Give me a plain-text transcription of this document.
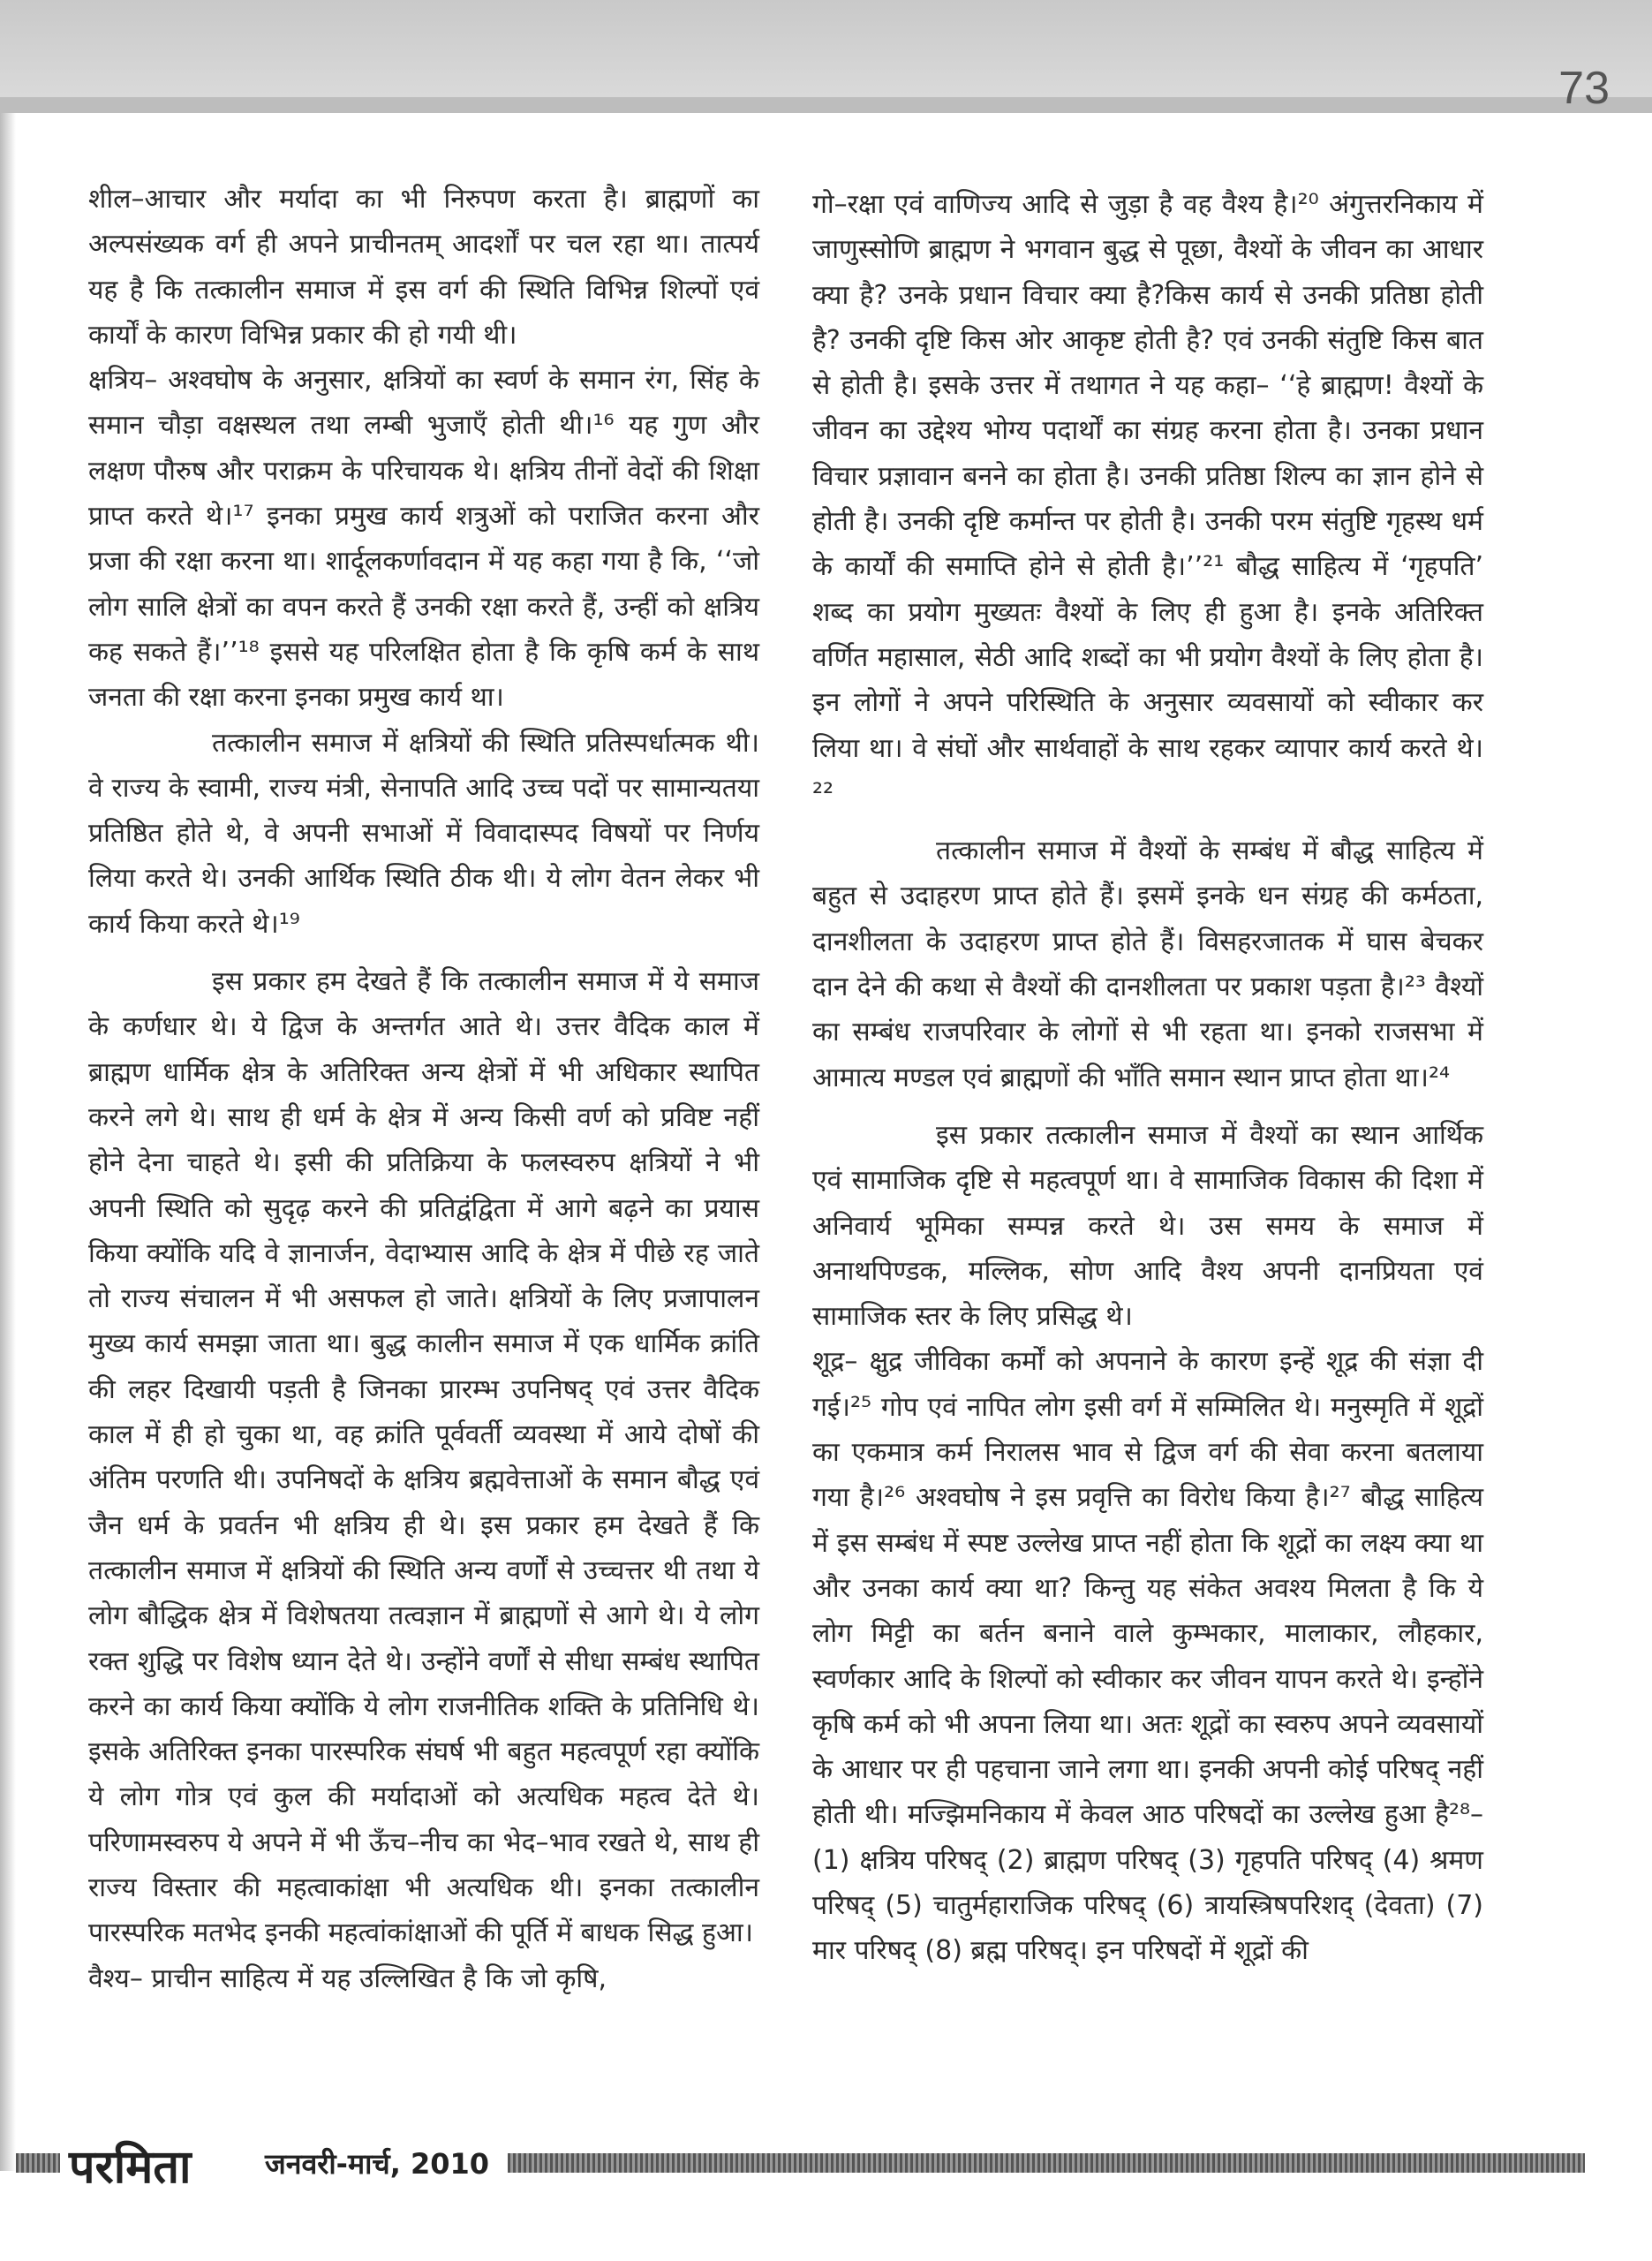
73

शील–आचार और मर्यादा का भी निरुपण करता है। ब्राह्मणों का अल्पसंख्यक वर्ग ही अपने प्राचीनतम् आदर्शों पर चल रहा था। तात्पर्य यह है कि तत्कालीन समाज में इस वर्ग की स्थिति विभिन्न शिल्पों एवं कार्यों के कारण विभिन्न प्रकार की हो गयी थी।

क्षत्रिय– अश्वघोष के अनुसार, क्षत्रियों का स्वर्ण के समान रंग, सिंह के समान चौड़ा वक्षस्थल तथा लम्बी भुजाएँ होती थी।¹⁶ यह गुण और लक्षण पौरुष और पराक्रम के परिचायक थे। क्षत्रिय तीनों वेदों की शिक्षा प्राप्त करते थे।¹⁷ इनका प्रमुख कार्य शत्रुओं को पराजित करना और प्रजा की रक्षा करना था। शार्दूलकर्णावदान में यह कहा गया है कि, ‘‘जो लोग सालि क्षेत्रों का वपन करते हैं उनकी रक्षा करते हैं, उन्हीं को क्षत्रिय कह सकते हैं।’’¹⁸ इससे यह परिलक्षित होता है कि कृषि कर्म के साथ जनता की रक्षा करना इनका प्रमुख कार्य था।

तत्कालीन समाज में क्षत्रियों की स्थिति प्रतिस्पर्धात्मक थी। वे राज्य के स्वामी, राज्य मंत्री, सेनापति आदि उच्च पदों पर सामान्यतया प्रतिष्ठित होते थे, वे अपनी सभाओं में विवादास्पद विषयों पर निर्णय लिया करते थे। उनकी आर्थिक स्थिति ठीक थी। ये लोग वेतन लेकर भी कार्य किया करते थे।¹⁹

इस प्रकार हम देखते हैं कि तत्कालीन समाज में ये समाज के कर्णधार थे। ये द्विज के अन्तर्गत आते थे। उत्तर वैदिक काल में ब्राह्मण धार्मिक क्षेत्र के अतिरिक्त अन्य क्षेत्रों में भी अधिकार स्थापित करने लगे थे। साथ ही धर्म के क्षेत्र में अन्य किसी वर्ण को प्रविष्ट नहीं होने देना चाहते थे। इसी की प्रतिक्रिया के फलस्वरुप क्षत्रियों ने भी अपनी स्थिति को सुदृढ़ करने की प्रतिद्वंद्विता में आगे बढ़ने का प्रयास किया क्योंकि यदि वे ज्ञानार्जन, वेदाभ्यास आदि के क्षेत्र में पीछे रह जाते तो राज्य संचालन में भी असफल हो जाते। क्षत्रियों के लिए प्रजापालन मुख्य कार्य समझा जाता था। बुद्ध कालीन समाज में एक धार्मिक क्रांति की लहर दिखायी पड़ती है जिनका प्रारम्भ उपनिषद् एवं उत्तर वैदिक काल में ही हो चुका था, वह क्रांति पूर्ववर्ती व्यवस्था में आये दोषों की अंतिम परणति थी। उपनिषदों के क्षत्रिय ब्रह्मवेत्ताओं के समान बौद्ध एवं जैन धर्म के प्रवर्तन भी क्षत्रिय ही थे। इस प्रकार हम देखते हैं कि तत्कालीन समाज में क्षत्रियों की स्थिति अन्य वर्णों से उच्चत्तर थी तथा ये लोग बौद्धिक क्षेत्र में विशेषतया तत्वज्ञान में ब्राह्मणों से आगे थे। ये लोग रक्त शुद्धि पर विशेष ध्यान देते थे। उन्होंने वर्णों से सीधा सम्बंध स्थापित करने का कार्य किया क्योंकि ये लोग राजनीतिक शक्ति के प्रतिनिधि थे। इसके अतिरिक्त इनका पारस्परिक संघर्ष भी बहुत महत्वपूर्ण रहा क्योंकि ये लोग गोत्र एवं कुल की मर्यादाओं को अत्यधिक महत्व देते थे। परिणामस्वरुप ये अपने में भी ऊँच–नीच का भेद–भाव रखते थे, साथ ही राज्य विस्तार की महत्वाकांक्षा भी अत्यधिक थी। इनका तत्कालीन पारस्परिक मतभेद इनकी महत्वांकांक्षाओं की पूर्ति में बाधक सिद्ध हुआ।

वैश्य– प्राचीन साहित्य में यह उल्लिखित है कि जो कृषि,

गो–रक्षा एवं वाणिज्य आदि से जुड़ा है वह वैश्य है।²⁰ अंगुत्तरनिकाय में जाणुस्सोणि ब्राह्मण ने भगवान बुद्ध से पूछा, वैश्यों के जीवन का आधार क्या है? उनके प्रधान विचार क्या है?किस कार्य से उनकी प्रतिष्ठा होती है? उनकी दृष्टि किस ओर आकृष्ट होती है? एवं उनकी संतुष्टि किस बात से होती है। इसके उत्तर में तथागत ने यह कहा– ‘‘हे ब्राह्मण! वैश्यों के जीवन का उद्देश्य भोग्य पदार्थों का संग्रह करना होता है। उनका प्रधान विचार प्रज्ञावान बनने का होता है। उनकी प्रतिष्ठा शिल्प का ज्ञान होने से होती है। उनकी दृष्टि कर्मान्त पर होती है। उनकी परम संतुष्टि गृहस्थ धर्म के कार्यों की समाप्ति होने से होती है।’’²¹ बौद्ध साहित्य में ‘गृहपति’ शब्द का प्रयोग मुख्यतः वैश्यों के लिए ही हुआ है। इनके अतिरिक्त वर्णित महासाल, सेठी आदि शब्दों का भी प्रयोग वैश्यों के लिए होता है। इन लोगों ने अपने परिस्थिति के अनुसार व्यवसायों को स्वीकार कर लिया था। वे संघों और सार्थवाहों के साथ रहकर व्यापार कार्य करते थे।²²

तत्कालीन समाज में वैश्यों के सम्बंध में बौद्ध साहित्य में बहुत से उदाहरण प्राप्त होते हैं। इसमें इनके धन संग्रह की कर्मठता, दानशीलता के उदाहरण प्राप्त होते हैं। विसहरजातक में घास बेचकर दान देने की कथा से वैश्यों की दानशीलता पर प्रकाश पड़ता है।²³ वैश्यों का सम्बंध राजपरिवार के लोगों से भी रहता था। इनको राजसभा में आमात्य मण्डल एवं ब्राह्मणों की भाँति समान स्थान प्राप्त होता था।²⁴

इस प्रकार तत्कालीन समाज में वैश्यों का स्थान आर्थिक एवं सामाजिक दृष्टि से महत्वपूर्ण था। वे सामाजिक विकास की दिशा में अनिवार्य भूमिका सम्पन्न करते थे। उस समय के समाज में अनाथपिण्डक, मल्लिक, सोण आदि वैश्य अपनी दानप्रियता एवं सामाजिक स्तर के लिए प्रसिद्ध थे।

शूद्र– क्षुद्र जीविका कर्मों को अपनाने के कारण इन्हें शूद्र की संज्ञा दी गई।²⁵ गोप एवं नापित लोग इसी वर्ग में सम्मिलित थे। मनुस्मृति में शूद्रों का एकमात्र कर्म निरालस भाव से द्विज वर्ग की सेवा करना बतलाया गया है।²⁶ अश्वघोष ने इस प्रवृत्ति का विरोध किया है।²⁷ बौद्ध साहित्य में इस सम्बंध में स्पष्ट उल्लेख प्राप्त नहीं होता कि शूद्रों का लक्ष्य क्या था और उनका कार्य क्या था? किन्तु यह संकेत अवश्य मिलता है कि ये लोग मिट्टी का बर्तन बनाने वाले कुम्भकार, मालाकार, लौहकार, स्वर्णकार आदि के शिल्पों को स्वीकार कर जीवन यापन करते थे। इन्होंने कृषि कर्म को भी अपना लिया था। अतः शूद्रों का स्वरुप अपने व्यवसायों के आधार पर ही पहचाना जाने लगा था। इनकी अपनी कोई परिषद् नहीं होती थी। मज्झिमनिकाय में केवल आठ परिषदों का उल्लेख हुआ है²⁸– (1) क्षत्रिय परिषद् (2) ब्राह्मण परिषद् (3) गृहपति परिषद् (4) श्रमण परिषद् (5) चातुर्महाराजिक परिषद् (6) त्रायस्त्रिषपरिशद् (देवता) (7) मार परिषद् (8) ब्रह्म परिषद्। इन परिषदों में शूद्रों की

परमिता	जनवरी-मार्च, 2010
